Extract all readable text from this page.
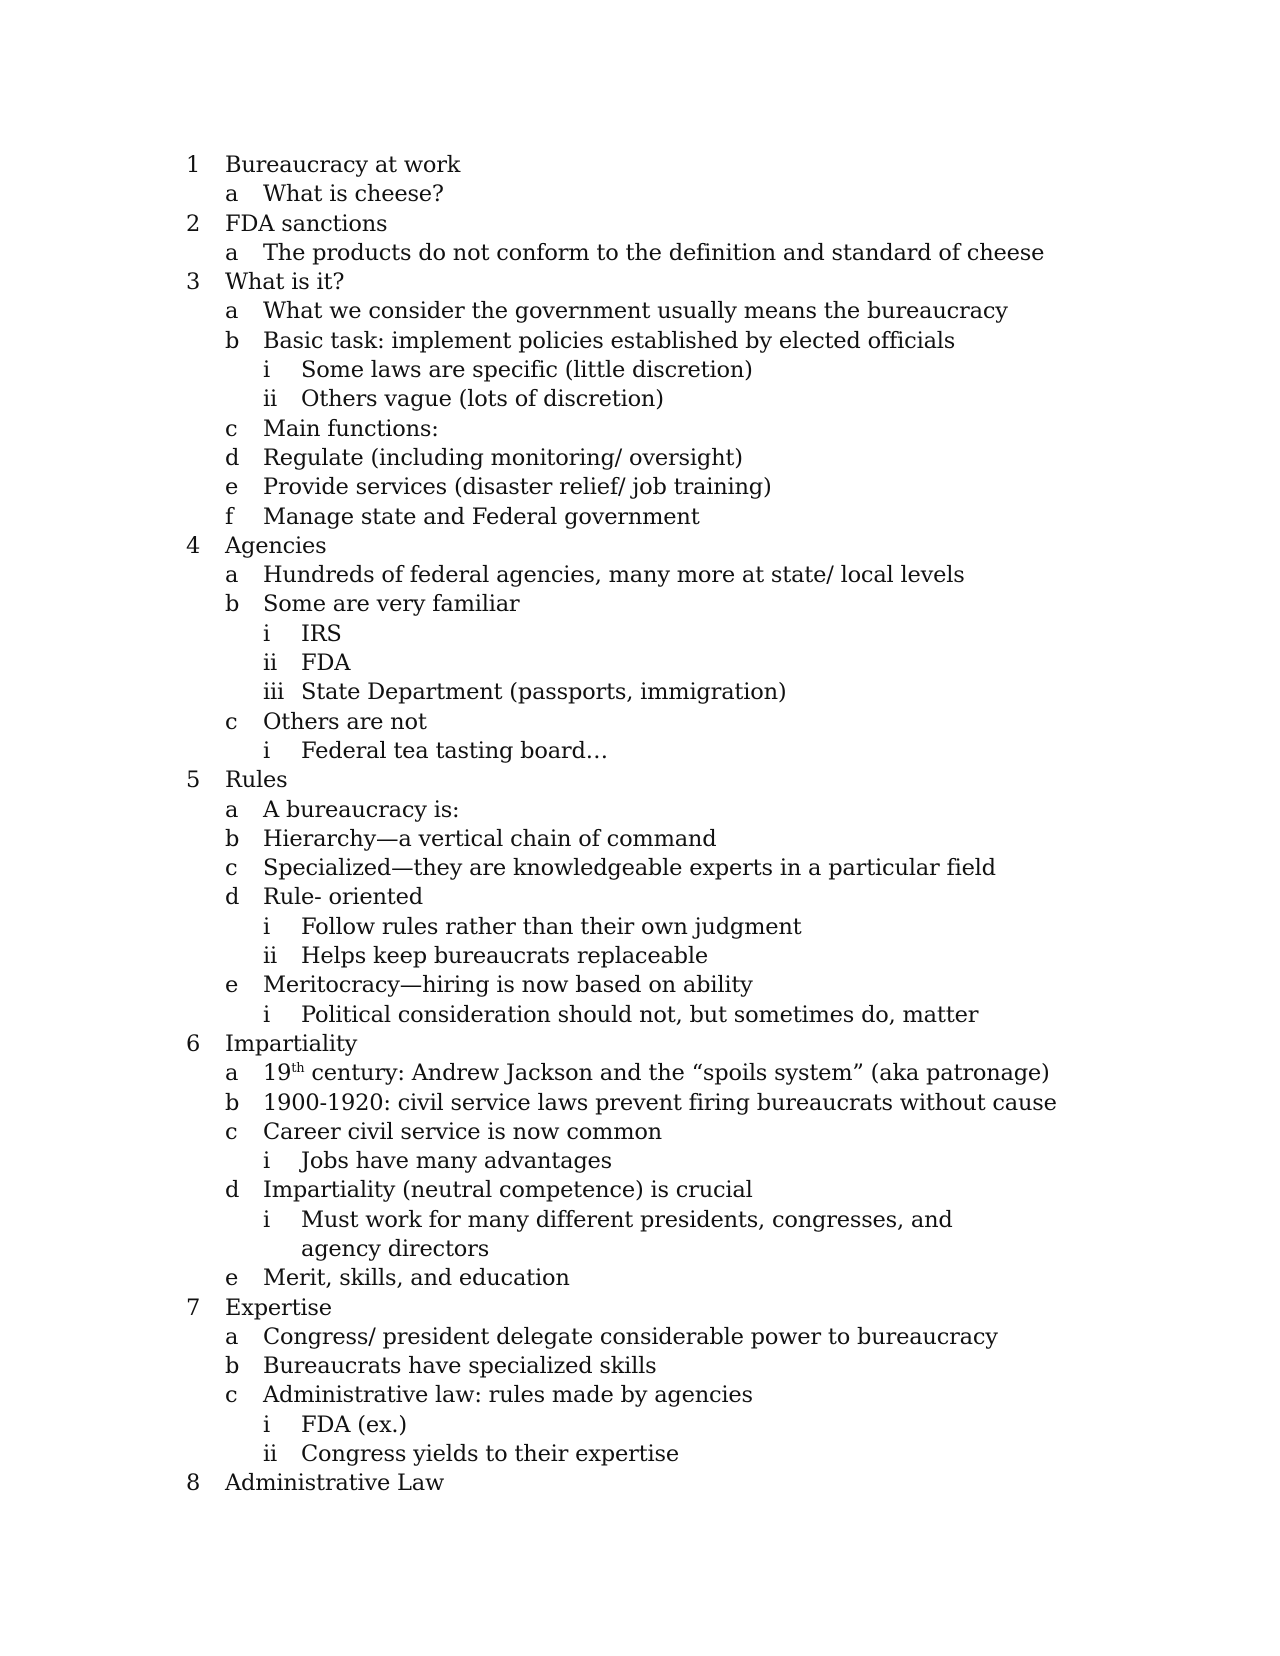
1 Bureaucracy at work
a What is cheese?
2 FDA sanctions
a The products do not conform to the definition and standard of cheese
3 What is it?
a What we consider the government usually means the bureaucracy
b Basic task: implement policies established by elected officials
i Some laws are specific (little discretion)
ii Others vague (lots of discretion)
c Main functions:
d Regulate (including monitoring/ oversight)
e Provide services (disaster relief/ job training)
f Manage state and Federal government
4 Agencies
a Hundreds of federal agencies, many more at state/ local levels
b Some are very familiar
i IRS
ii FDA
iii State Department (passports, immigration)
c Others are not
i Federal tea tasting board…
5 Rules
a A bureaucracy is:
b Hierarchy—a vertical chain of command
c Specialized—they are knowledgeable experts in a particular field
d Rule- oriented
i Follow rules rather than their own judgment
ii Helps keep bureaucrats replaceable
e Meritocracy—hiring is now based on ability
i Political consideration should not, but sometimes do, matter
6 Impartiality
a 19th century: Andrew Jackson and the “spoils system” (aka patronage)
b 1900-1920: civil service laws prevent firing bureaucrats without cause
c Career civil service is now common
i Jobs have many advantages
d Impartiality (neutral competence) is crucial
i Must work for many different presidents, congresses, and agency directors
e Merit, skills, and education
7 Expertise
a Congress/ president delegate considerable power to bureaucracy
b Bureaucrats have specialized skills
c Administrative law: rules made by agencies
i FDA (ex.)
ii Congress yields to their expertise
8 Administrative Law
